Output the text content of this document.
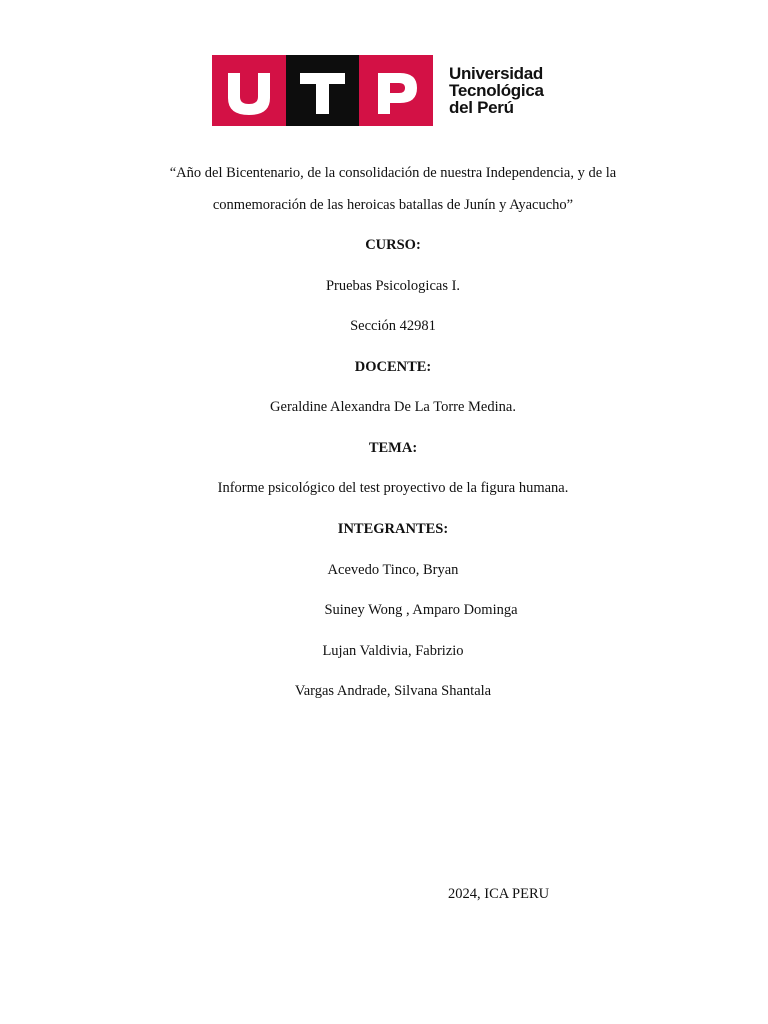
Universidad
Tecnológica
del Perú
“Año del Bicentenario, de la consolidación de nuestra Independencia, y de la
conmemoración de las heroicas batallas de Junín y Ayacucho”
CURSO:
Pruebas Psicologicas I.
Sección 42981
DOCENTE:
Geraldine Alexandra De La Torre Medina.
TEMA:
Informe psicológico del test proyectivo de la figura humana.
INTEGRANTES:
Acevedo Tinco, Bryan
Suiney Wong , Amparo Dominga
Lujan Valdivia, Fabrizio
Vargas Andrade, Silvana Shantala
2024, ICA PERU
